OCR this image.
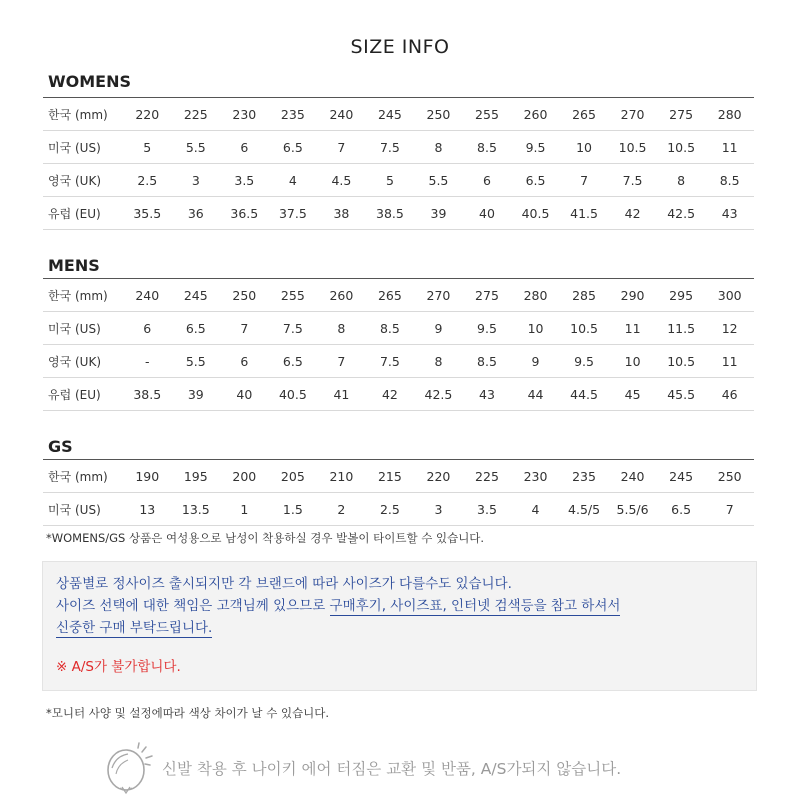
SIZE INFO
WOMENS
한국 (mm)	220	225	230	235	240	245	250	255	260	265	270	275	280
미국 (US)	5	5.5	6	6.5	7	7.5	8	8.5	9.5	10	10.5	10.5	11
영국 (UK)	2.5	3	3.5	4	4.5	5	5.5	6	6.5	7	7.5	8	8.5
유럽 (EU)	35.5	36	36.5	37.5	38	38.5	39	40	40.5	41.5	42	42.5	43
MENS
한국 (mm)	240	245	250	255	260	265	270	275	280	285	290	295	300
미국 (US)	6	6.5	7	7.5	8	8.5	9	9.5	10	10.5	11	11.5	12
영국 (UK)	-	5.5	6	6.5	7	7.5	8	8.5	9	9.5	10	10.5	11
유럽 (EU)	38.5	39	40	40.5	41	42	42.5	43	44	44.5	45	45.5	46
GS
한국 (mm)	190	195	200	205	210	215	220	225	230	235	240	245	250
미국 (US)	13	13.5	1	1.5	2	2.5	3	3.5	4	4.5/5	5.5/6	6.5	7
*WOMENS/GS 상품은 여성용으로 남성이 착용하실 경우 발볼이 타이트할 수 있습니다.

상품별로 정사이즈 출시되지만 각 브랜드에 따라 사이즈가 다를수도 있습니다.

사이즈 선택에 대한 책임은 고객님께 있으므로 구매후기, 사이즈표, 인터넷 검색등을 참고 하셔서

신중한 구매 부탁드립니다.

※ A/S가 불가합니다.

*모니터 사양 및 설정에따라 색상 차이가 날 수 있습니다.
신발 착용 후 나이키 에어 터짐은 교환 및 반품, A/S가되지 않습니다.
